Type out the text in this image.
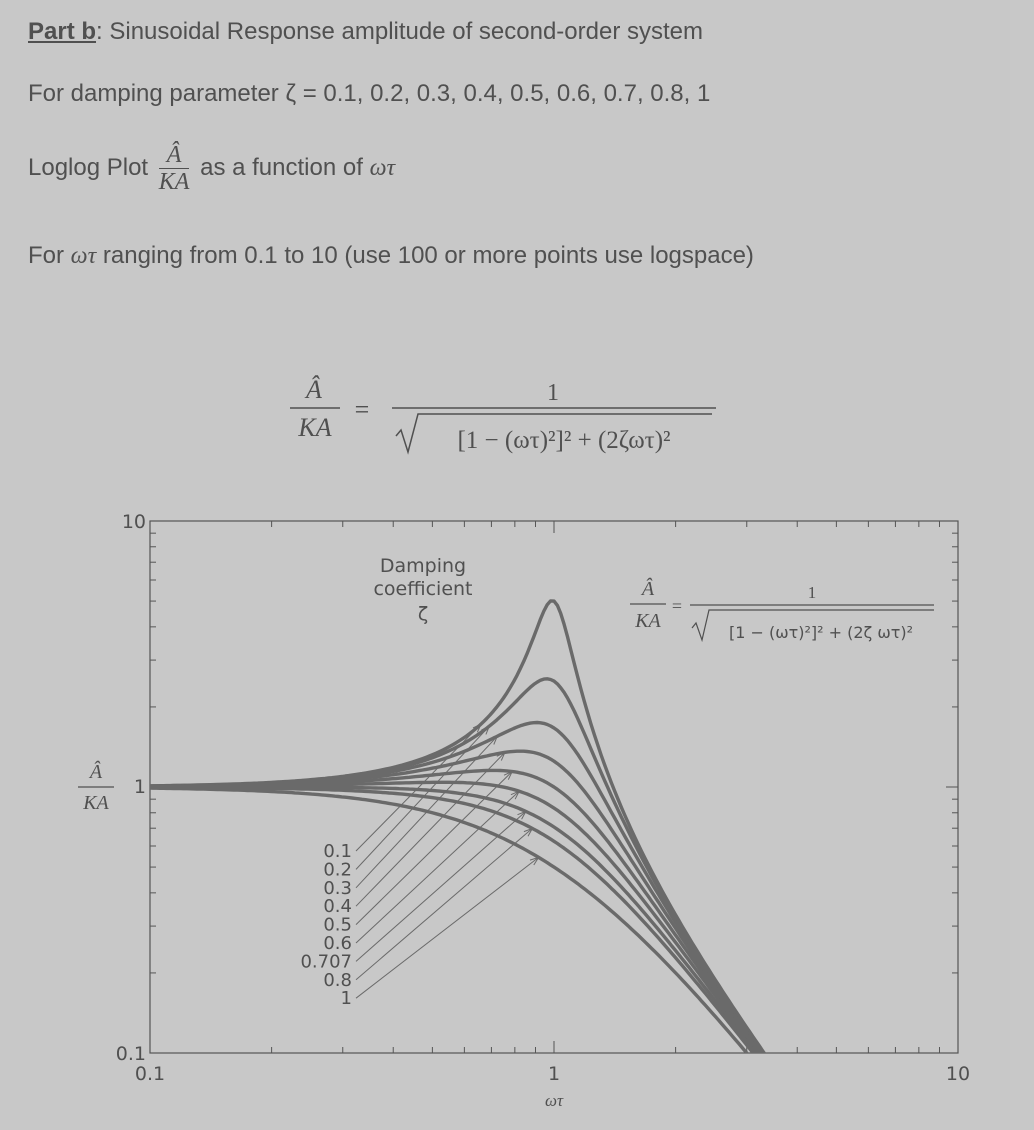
Part b: Sinusoidal Response amplitude of second-order system
For damping parameter ζ = 0.1, 0.2, 0.3, 0.4, 0.5, 0.6, 0.7, 0.8, 1
Loglog Plot $\frac{Â}{KA}$ as a function of ωτ
For ωτ ranging from 0.1 to 10 (use 100 or more points use logspace)
Â
KA
=
1
[1 − (ωτ)²]² + (2ζωτ)²
10
1
0.1
0.1	1	10
ωτ
Â
KA
Damping
coefficient
ζ
Â
KA
=
1
[1 − (ωτ)²]² + (2ζ ωτ)²
0.1
0.2
0.3
0.4
0.5
0.6
0.707
0.8
1
